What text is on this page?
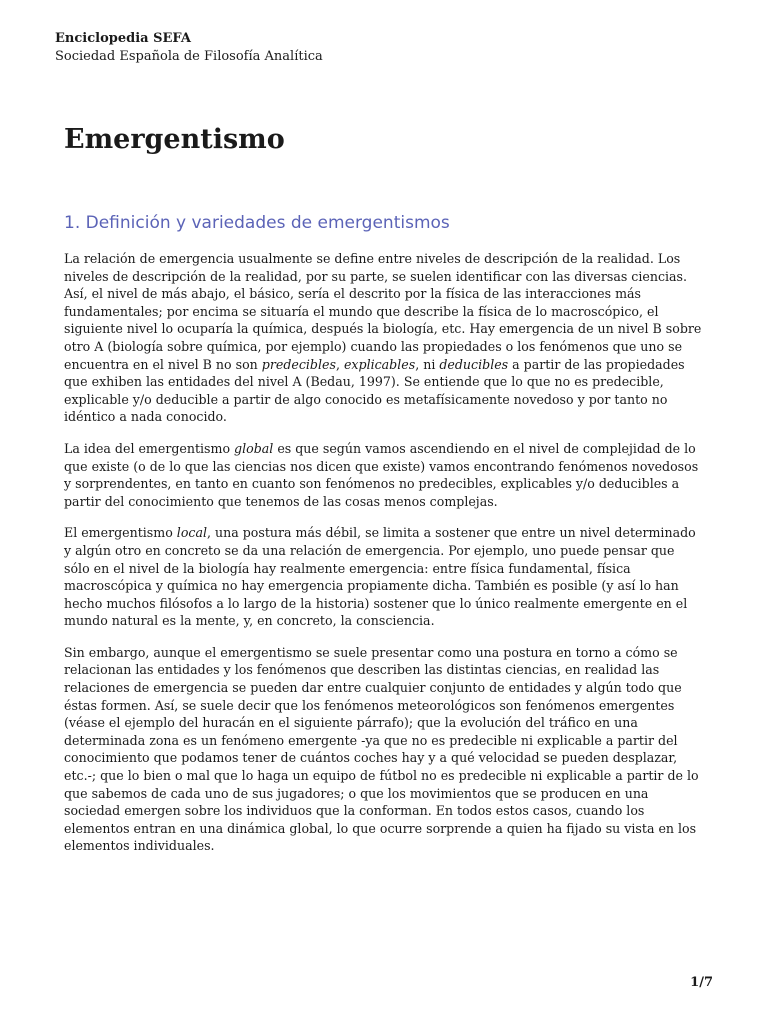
Enciclopedia SEFA
Sociedad Española de Filosofía Analítica
Emergentismo
1. Definición y variedades de emergentismos

La relación de emergencia usualmente se define entre niveles de descripción de la realidad. Los niveles de descripción de la realidad, por su parte, se suelen identificar con las diversas ciencias. Así, el nivel de más abajo, el básico, sería el descrito por la física de las interacciones más fundamentales; por encima se situaría el mundo que describe la física de lo macroscópico, el siguiente nivel lo ocuparía la química, después la biología, etc. Hay emergencia de un nivel B sobre otro A (biología sobre química, por ejemplo) cuando las propiedades o los fenómenos que uno se encuentra en el nivel B no son predecibles, explicables, ni deducibles a partir de las propiedades que exhiben las entidades del nivel A (Bedau, 1997). Se entiende que lo que no es predecible, explicable y/o deducible a partir de algo conocido es metafísicamente novedoso y por tanto no idéntico a nada conocido.

La idea del emergentismo global es que según vamos ascendiendo en el nivel de complejidad de lo que existe (o de lo que las ciencias nos dicen que existe) vamos encontrando fenómenos novedosos y sorprendentes, en tanto en cuanto son fenómenos no predecibles, explicables y/o deducibles a partir del conocimiento que tenemos de las cosas menos complejas.

El emergentismo local, una postura más débil, se limita a sostener que entre un nivel determinado y algún otro en concreto se da una relación de emergencia. Por ejemplo, uno puede pensar que sólo en el nivel de la biología hay realmente emergencia: entre física fundamental, física macroscópica y química no hay emergencia propiamente dicha. También es posible (y así lo han hecho muchos filósofos a lo largo de la historia) sostener que lo único realmente emergente en el mundo natural es la mente, y, en concreto, la consciencia.

Sin embargo, aunque el emergentismo se suele presentar como una postura en torno a cómo se relacionan las entidades y los fenómenos que describen las distintas ciencias, en realidad las relaciones de emergencia se pueden dar entre cualquier conjunto de entidades y algún todo que éstas formen. Así, se suele decir que los fenómenos meteorológicos son fenómenos emergentes (véase el ejemplo del huracán en el siguiente párrafo); que la evolución del tráfico en una determinada zona es un fenómeno emergente -ya que no es predecible ni explicable a partir del conocimiento que podamos tener de cuántos coches hay y a qué velocidad se pueden desplazar, etc.-; que lo bien o mal que lo haga un equipo de fútbol no es predecible ni explicable a partir de lo que sabemos de cada uno de sus jugadores; o que los movimientos que se producen en una sociedad emergen sobre los individuos que la conforman. En todos estos casos, cuando los elementos entran en una dinámica global, lo que ocurre sorprende a quien ha fijado su vista en los elementos individuales.

1/7
